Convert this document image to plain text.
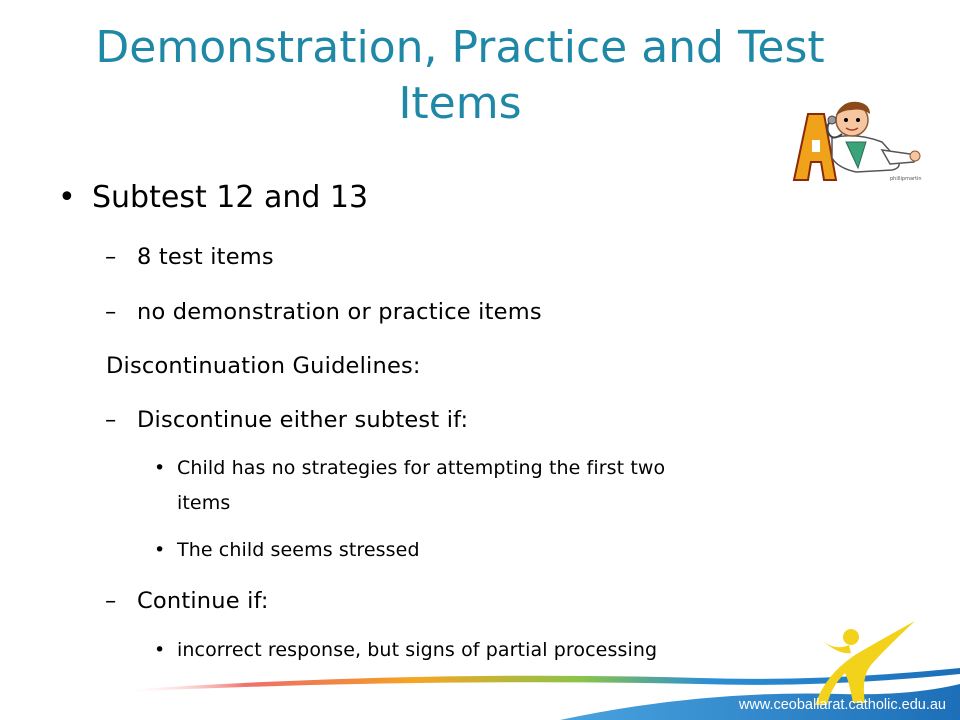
Demonstration, Practice and Test
Items
phillipmartin
• Subtest 12 and 13
– 8 test items
– no demonstration or practice items
Discontinuation Guidelines:
– Discontinue either subtest if:
• Child has no strategies for attempting the first two
items
• The child seems stressed
– Continue if:
• incorrect response, but signs of partial processing
www.ceoballarat.catholic.edu.au
